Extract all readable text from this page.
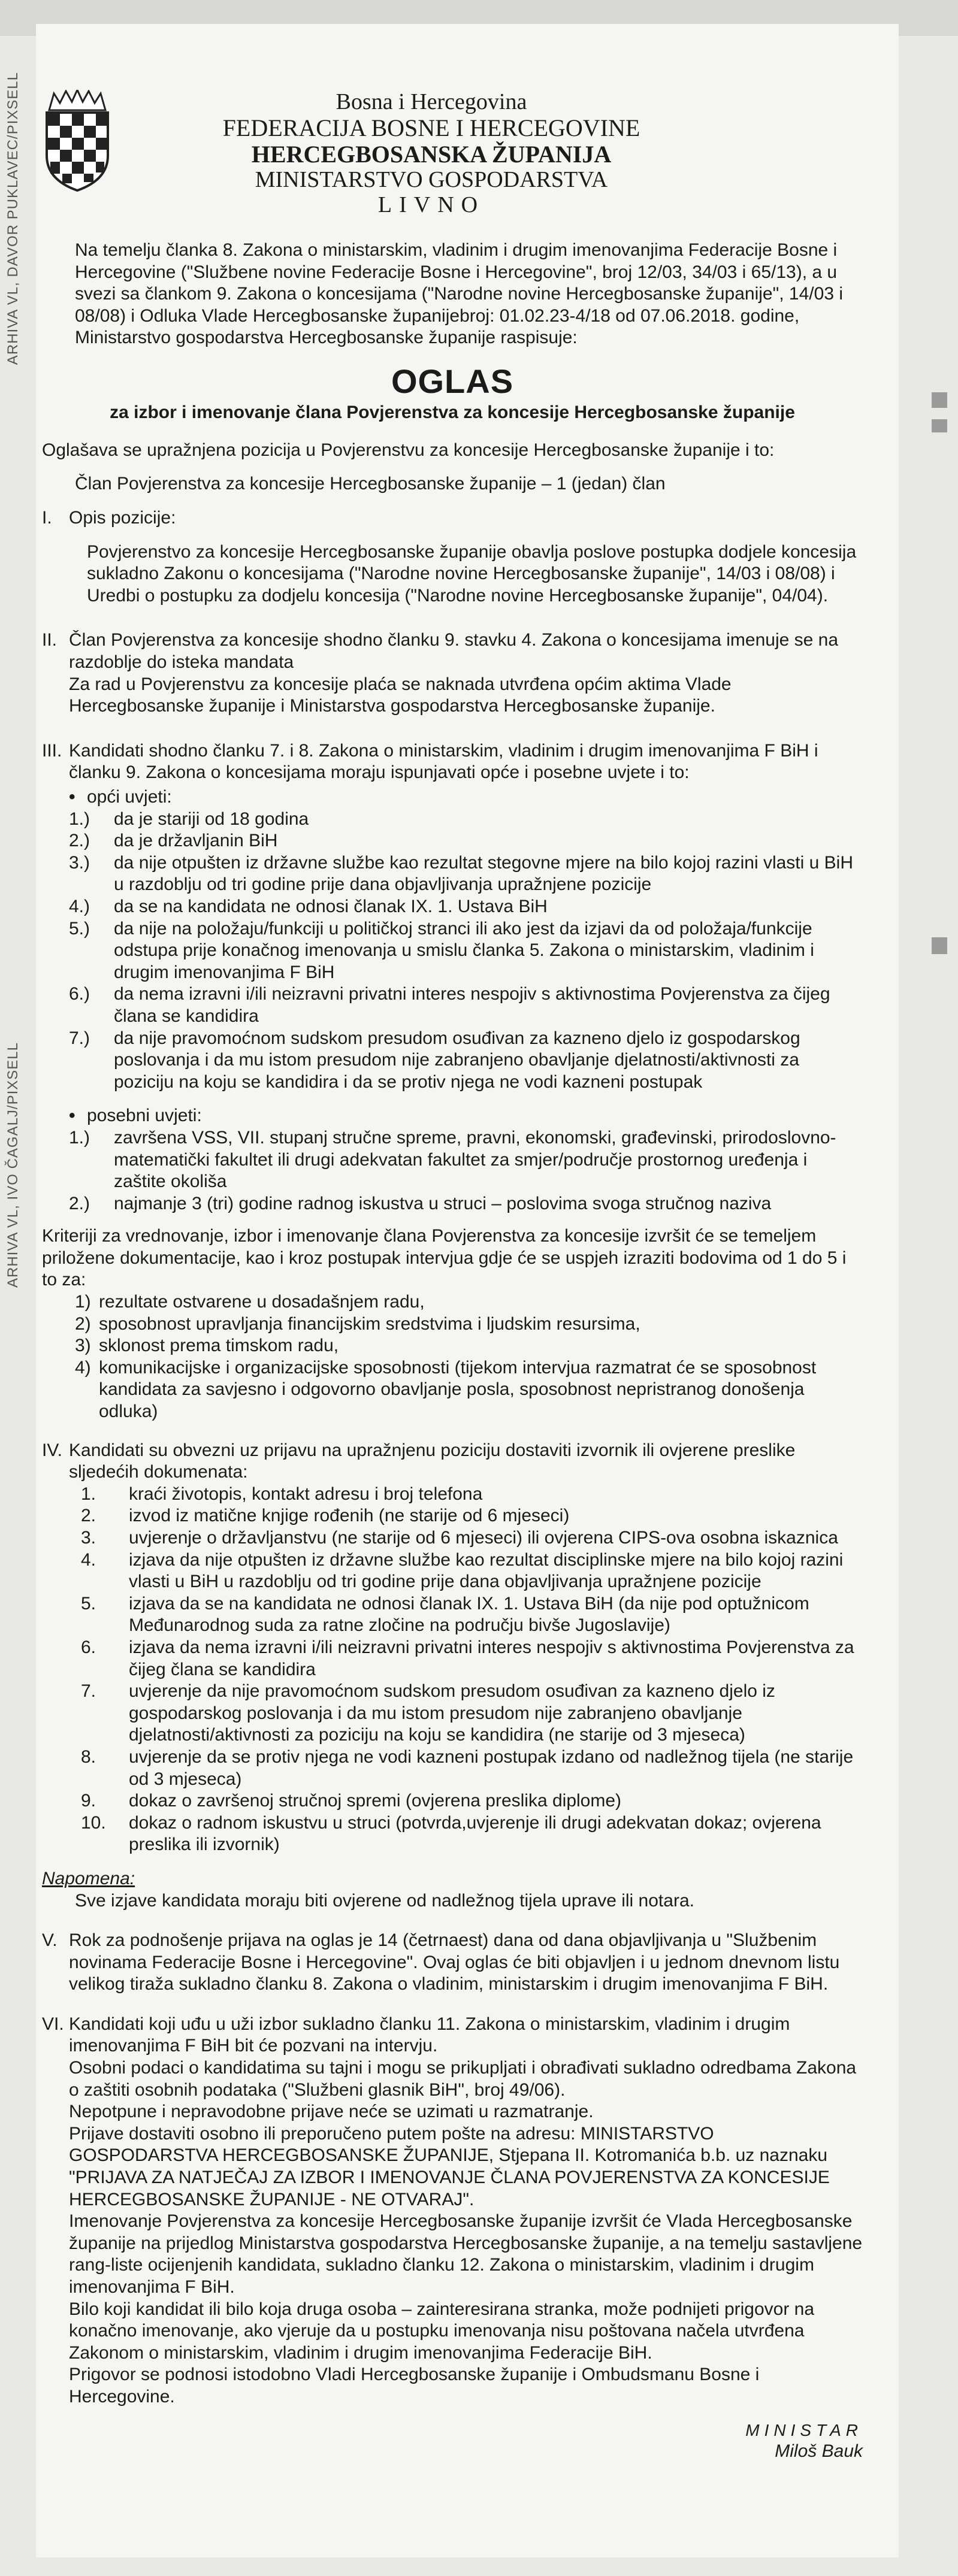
ARHIVA VL, DAVOR PUKLAVEC/PIXSELL
ARHIVA VL, IVO ČAGALJ/PIXSELL
Bosna i Hercegovina
FEDERACIJA BOSNE I HERCEGOVINE
HERCEGBOSANSKA ŽUPANIJA
MINISTARSTVO GOSPODARSTVA
LIVNO

Na temelju članka 8. Zakona o ministarskim, vladinim i drugim imenovanjima Federacije Bosne i Hercegovine ("Službene novine Federacije Bosne i Hercegovine", broj 12/03, 34/03 i 65/13), a u svezi sa člankom 9. Zakona o koncesijama ("Narodne novine Hercegbosanske županije", 14/03 i 08/08) i Odluka Vlade Hercegbosanske županijebroj: 01.02.23-4/18 od 07.06.2018. godine, Ministarstvo gospodarstva Hercegbosanske županije raspisuje:

OGLAS
za izbor i imenovanje člana Povjerenstva za koncesije Hercegbosanske županije

Oglašava se upražnjena pozicija u Povjerenstvu za koncesije Hercegbosanske županije i to:

Član Povjerenstva za koncesije Hercegbosanske županije – 1 (jedan) član

I. Opis pozicije:

Povjerenstvo za koncesije Hercegbosanske županije obavlja poslove postupka dodjele koncesija sukladno Zakonu o koncesijama ("Narodne novine Hercegbosanske županije", 14/03 i 08/08) i Uredbi o postupku za dodjelu koncesija ("Narodne novine Hercegbosanske županije", 04/04).

II. Član Povjerenstva za koncesije shodno članku 9. stavku 4. Zakona o koncesijama imenuje se na razdoblje do isteka mandata

Za rad u Povjerenstvu za koncesije plaća se naknada utvrđena općim aktima Vlade Hercegbosanske županije i Ministarstva gospodarstva Hercegbosanske županije.

III. Kandidati shodno članku 7. i 8. Zakona o ministarskim, vladinim i drugim imenovanjima F BiH i članku 9. Zakona o koncesijama moraju ispunjavati opće i posebne uvjete i to:
• opći uvjeti:
1.)	da je stariji od 18 godina
2.)	da je državljanin BiH
3.)	da nije otpušten iz državne službe kao rezultat stegovne mjere na bilo kojoj razini vlasti u BiH u razdoblju od tri godine prije dana objavljivanja upražnjene pozicije
4.)	da se na kandidata ne odnosi članak IX. 1. Ustava BiH
5.)	da nije na položaju/funkciji u političkoj stranci ili ako jest da izjavi da od položaja/funkcije odstupa prije konačnog imenovanja u smislu članka 5. Zakona o ministarskim, vladinim i drugim imenovanjima F BiH
6.)	da nema izravni i/ili neizravni privatni interes nespojiv s aktivnostima Povjerenstva za čijeg člana se kandidira
7.)	da nije pravomoćnom sudskom presudom osuđivan za kazneno djelo iz gospodarskog poslovanja i da mu istom presudom nije zabranjeno obavljanje djelatnosti/aktivnosti za poziciju na koju se kandidira i da se protiv njega ne vodi kazneni postupak
• posebni uvjeti:
1.)	završena VSS, VII. stupanj stručne spreme, pravni, ekonomski, građevinski, prirodoslovno-matematički fakultet ili drugi adekvatan fakultet za smjer/područje prostornog uređenja i zaštite okoliša
2.)	najmanje 3 (tri) godine radnog iskustva u struci – poslovima svoga stručnog naziva

Kriteriji za vrednovanje, izbor i imenovanje člana Povjerenstva za koncesije izvršit će se temeljem priložene dokumentacije, kao i kroz postupak intervjua gdje će se uspjeh izraziti bodovima od 1 do 5 i to za:

1) rezultate ostvarene u dosadašnjem radu,
2) sposobnost upravljanja financijskim sredstvima i ljudskim resursima,
3) sklonost prema timskom radu,
4) komunikacijske i organizacijske sposobnosti (tijekom intervjua razmatrat će se sposobnost kandidata za savjesno i odgovorno obavljanje posla, sposobnost nepristranog donošenja odluka)
IV. Kandidati su obvezni uz prijavu na upražnjenu poziciju dostaviti izvornik ili ovjerene preslike sljedećih dokumenata:
1.	kraći životopis, kontakt adresu i broj telefona
2.	izvod iz matične knjige rođenih (ne starije od 6 mjeseci)
3.	uvjerenje o državljanstvu (ne starije od 6 mjeseci) ili ovjerena CIPS-ova osobna iskaznica
4.	izjava da nije otpušten iz državne službe kao rezultat disciplinske mjere na bilo kojoj razini vlasti u BiH u razdoblju od tri godine prije dana objavljivanja upražnjene pozicije
5.	izjava da se na kandidata ne odnosi članak IX. 1. Ustava BiH (da nije pod optužnicom Međunarodnog suda za ratne zločine na području bivše Jugoslavije)
6.	izjava da nema izravni i/ili neizravni privatni interes nespojiv s aktivnostima Povjerenstva za čijeg člana se kandidira
7.	uvjerenje da nije pravomoćnom sudskom presudom osuđivan za kazneno djelo iz gospodarskog poslovanja i da mu istom presudom nije zabranjeno obavljanje djelatnosti/aktivnosti za poziciju na koju se kandidira (ne starije od 3 mjeseca)
8.	uvjerenje da se protiv njega ne vodi kazneni postupak izdano od nadležnog tijela (ne starije od 3 mjeseca)
9.	dokaz o završenoj stručnoj spremi (ovjerena preslika diplome)
10.	dokaz o radnom iskustvu u struci (potvrda,uvjerenje ili drugi adekvatan dokaz; ovjerena preslika ili izvornik)
Napomena:
Sve izjave kandidata moraju biti ovjerene od nadležnog tijela uprave ili notara.
V. Rok za podnošenje prijava na oglas je 14 (četrnaest) dana od dana objavljivanja u "Službenim novinama Federacije Bosne i Hercegovine". Ovaj oglas će biti objavljen i u jednom dnevnom listu velikog tiraža sukladno članku 8. Zakona o vladinim, ministarskim i drugim imenovanjima F BiH.
VI. Kandidati koji uđu u uži izbor sukladno članku 11. Zakona o ministarskim, vladinim i drugim imenovanjima F BiH bit će pozvani na intervju.
Osobni podaci o kandidatima su tajni i mogu se prikupljati i obrađivati sukladno odredbama Zakona o zaštiti osobnih podataka ("Službeni glasnik BiH", broj 49/06).
Nepotpune i nepravodobne prijave neće se uzimati u razmatranje.
Prijave dostaviti osobno ili preporučeno putem pošte na adresu: MINISTARSTVO GOSPODARSTVA HERCEGBOSANSKE ŽUPANIJE, Stjepana II. Kotromanića b.b. uz naznaku "PRIJAVA ZA NATJEČAJ ZA IZBOR I IMENOVANJE ČLANA POVJERENSTVA ZA KONCESIJE HERCEGBOSANSKE ŽUPANIJE - NE OTVARAJ".
Imenovanje Povjerenstva za koncesije Hercegbosanske županije izvršit će Vlada Hercegbosanske županije na prijedlog Ministarstva gospodarstva Hercegbosanske županije, a na temelju sastavljene rang-liste ocijenjenih kandidata, sukladno članku 12. Zakona o ministarskim, vladinim i drugim imenovanjima F BiH.
Bilo koji kandidat ili bilo koja druga osoba – zainteresirana stranka, može podnijeti prigovor na konačno imenovanje, ako vjeruje da u postupku imenovanja nisu poštovana načela utvrđena Zakonom o ministarskim, vladinim i drugim imenovanjima Federacije BiH.
Prigovor se podnosi istodobno Vladi Hercegbosanske županije i Ombudsmanu Bosne i Hercegovine.
MINISTAR
Miloš Bauk
